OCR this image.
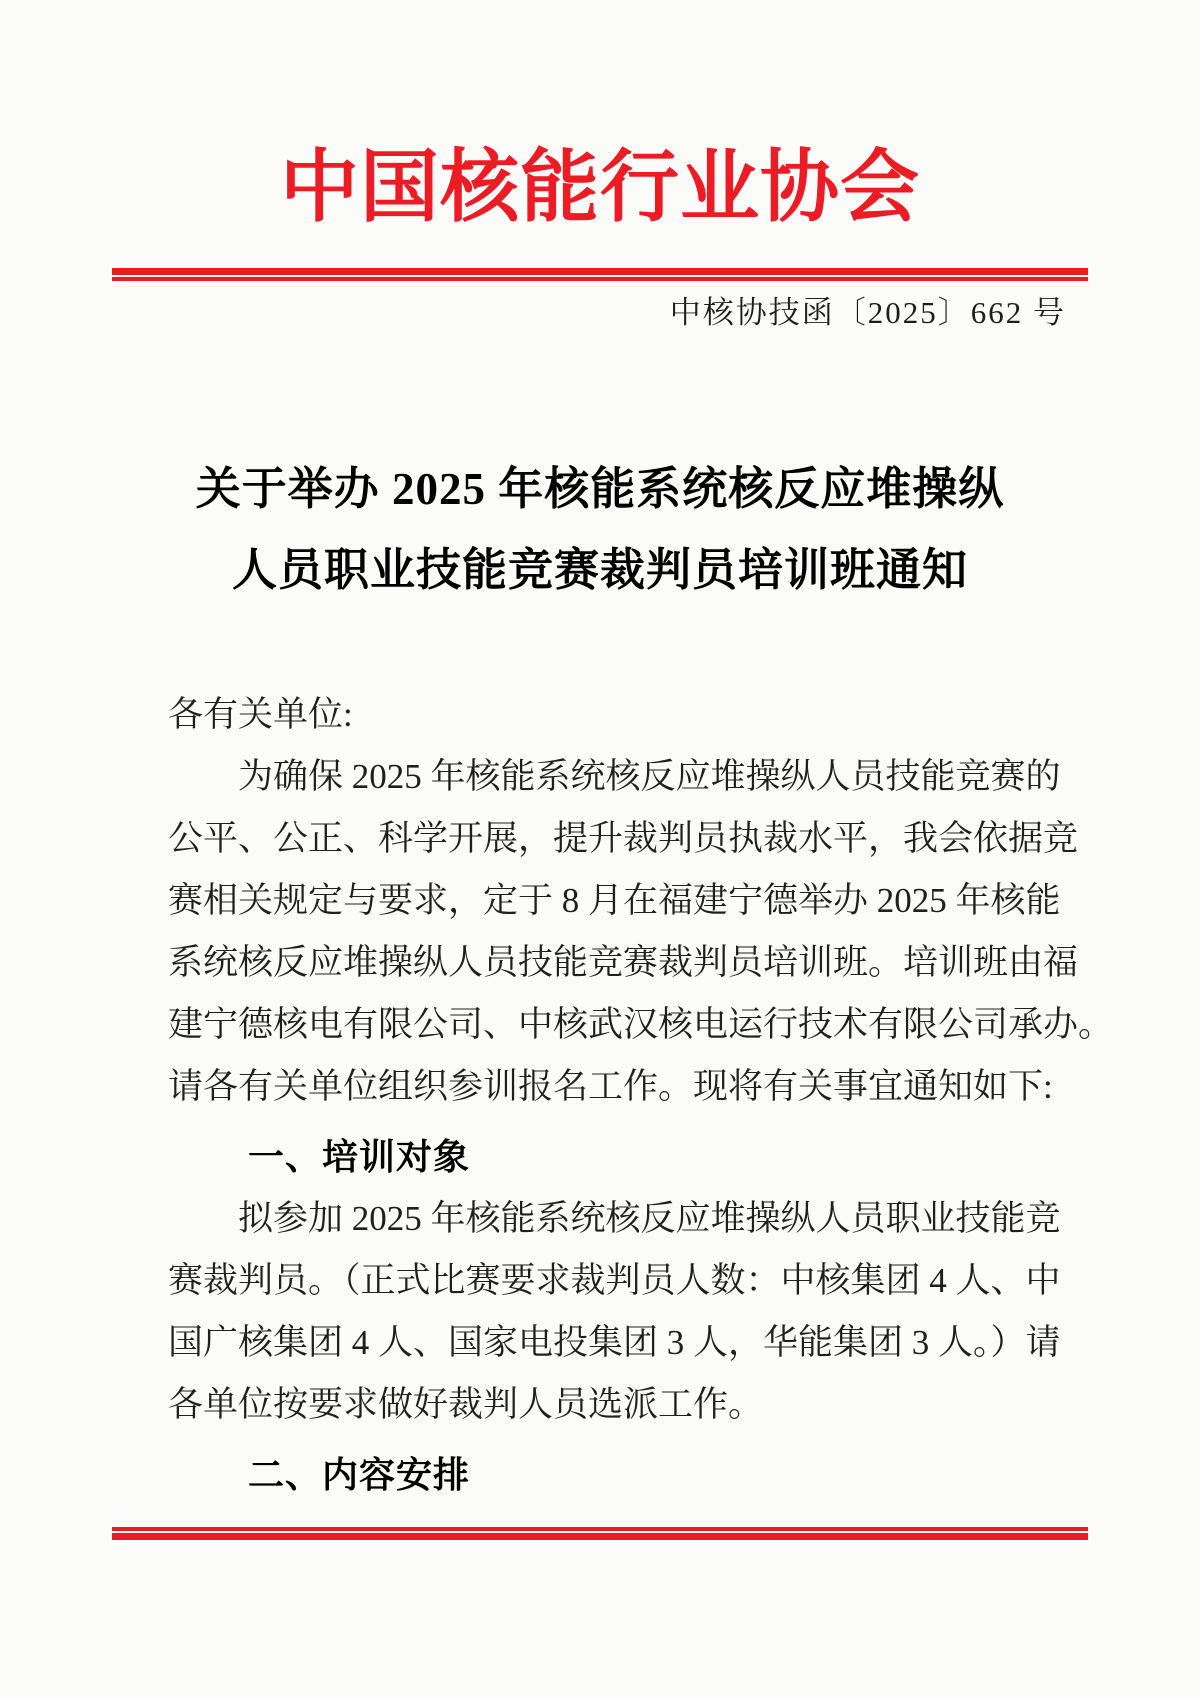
中国核能行业协会
中核协技函〔2025〕662 号
关于举办 2025 年核能系统核反应堆操纵
人员职业技能竞赛裁判员培训班通知
各有关单位:
为确保 2025 年核能系统核反应堆操纵人员技能竞赛的
公平、公正、科学开展，提升裁判员执裁水平，我会依据竞
赛相关规定与要求，定于 8 月在福建宁德举办 2025 年核能
系统核反应堆操纵人员技能竞赛裁判员培训班。培训班由福
建宁德核电有限公司、中核武汉核电运行技术有限公司承办。
请各有关单位组织参训报名工作。现将有关事宜通知如下:
一、培训对象
拟参加 2025 年核能系统核反应堆操纵人员职业技能竞
赛裁判员。（正式比赛要求裁判员人数：中核集团 4 人、中
国广核集团 4 人、国家电投集团 3 人，华能集团 3 人。）请
各单位按要求做好裁判人员选派工作。
二、内容安排
